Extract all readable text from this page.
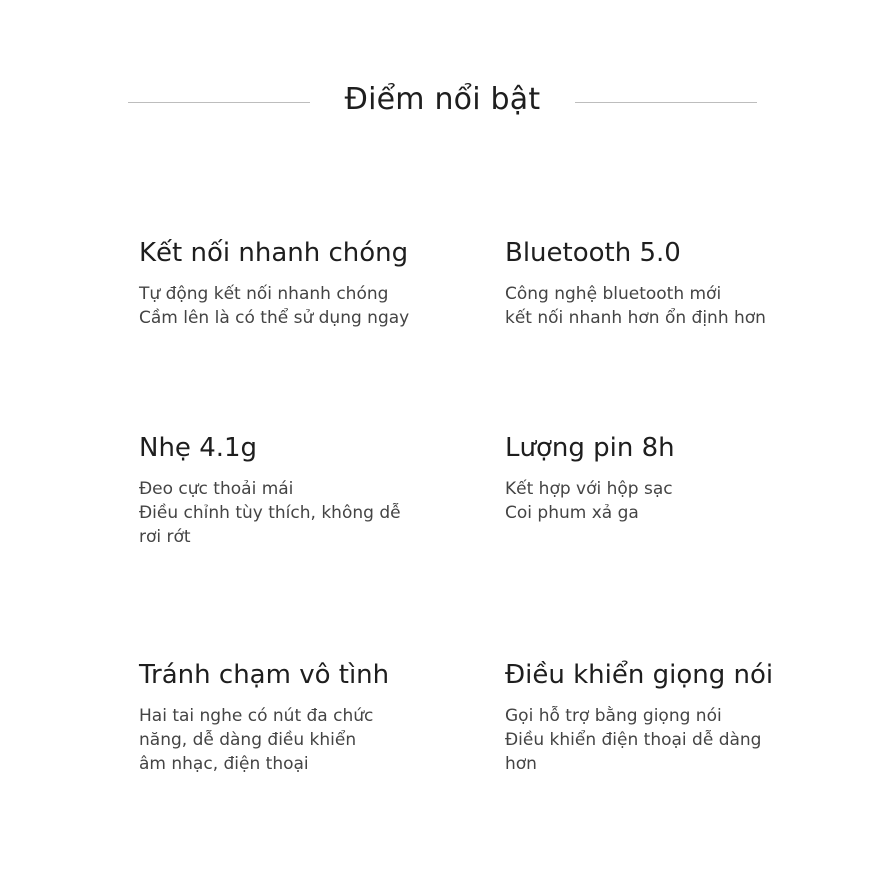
Điểm nổi bật
Kết nối nhanh chóng
Tự động kết nối nhanh chóng
Cầm lên là có thể sử dụng ngay
Bluetooth 5.0
Công nghệ bluetooth mới
kết nối nhanh hơn ổn định hơn
Nhẹ 4.1g
Đeo cực thoải mái
Điều chỉnh tùy thích, không dễ
rơi rớt
Lượng pin 8h
Kết hợp với hộp sạc
Coi phum xả ga
Tránh chạm vô tình
Hai tai nghe có nút đa chức
năng, dễ dàng điều khiển
âm nhạc, điện thoại
Điều khiển giọng nói
Gọi hỗ trợ bằng giọng nói
Điều khiển điện thoại dễ dàng
hơn
